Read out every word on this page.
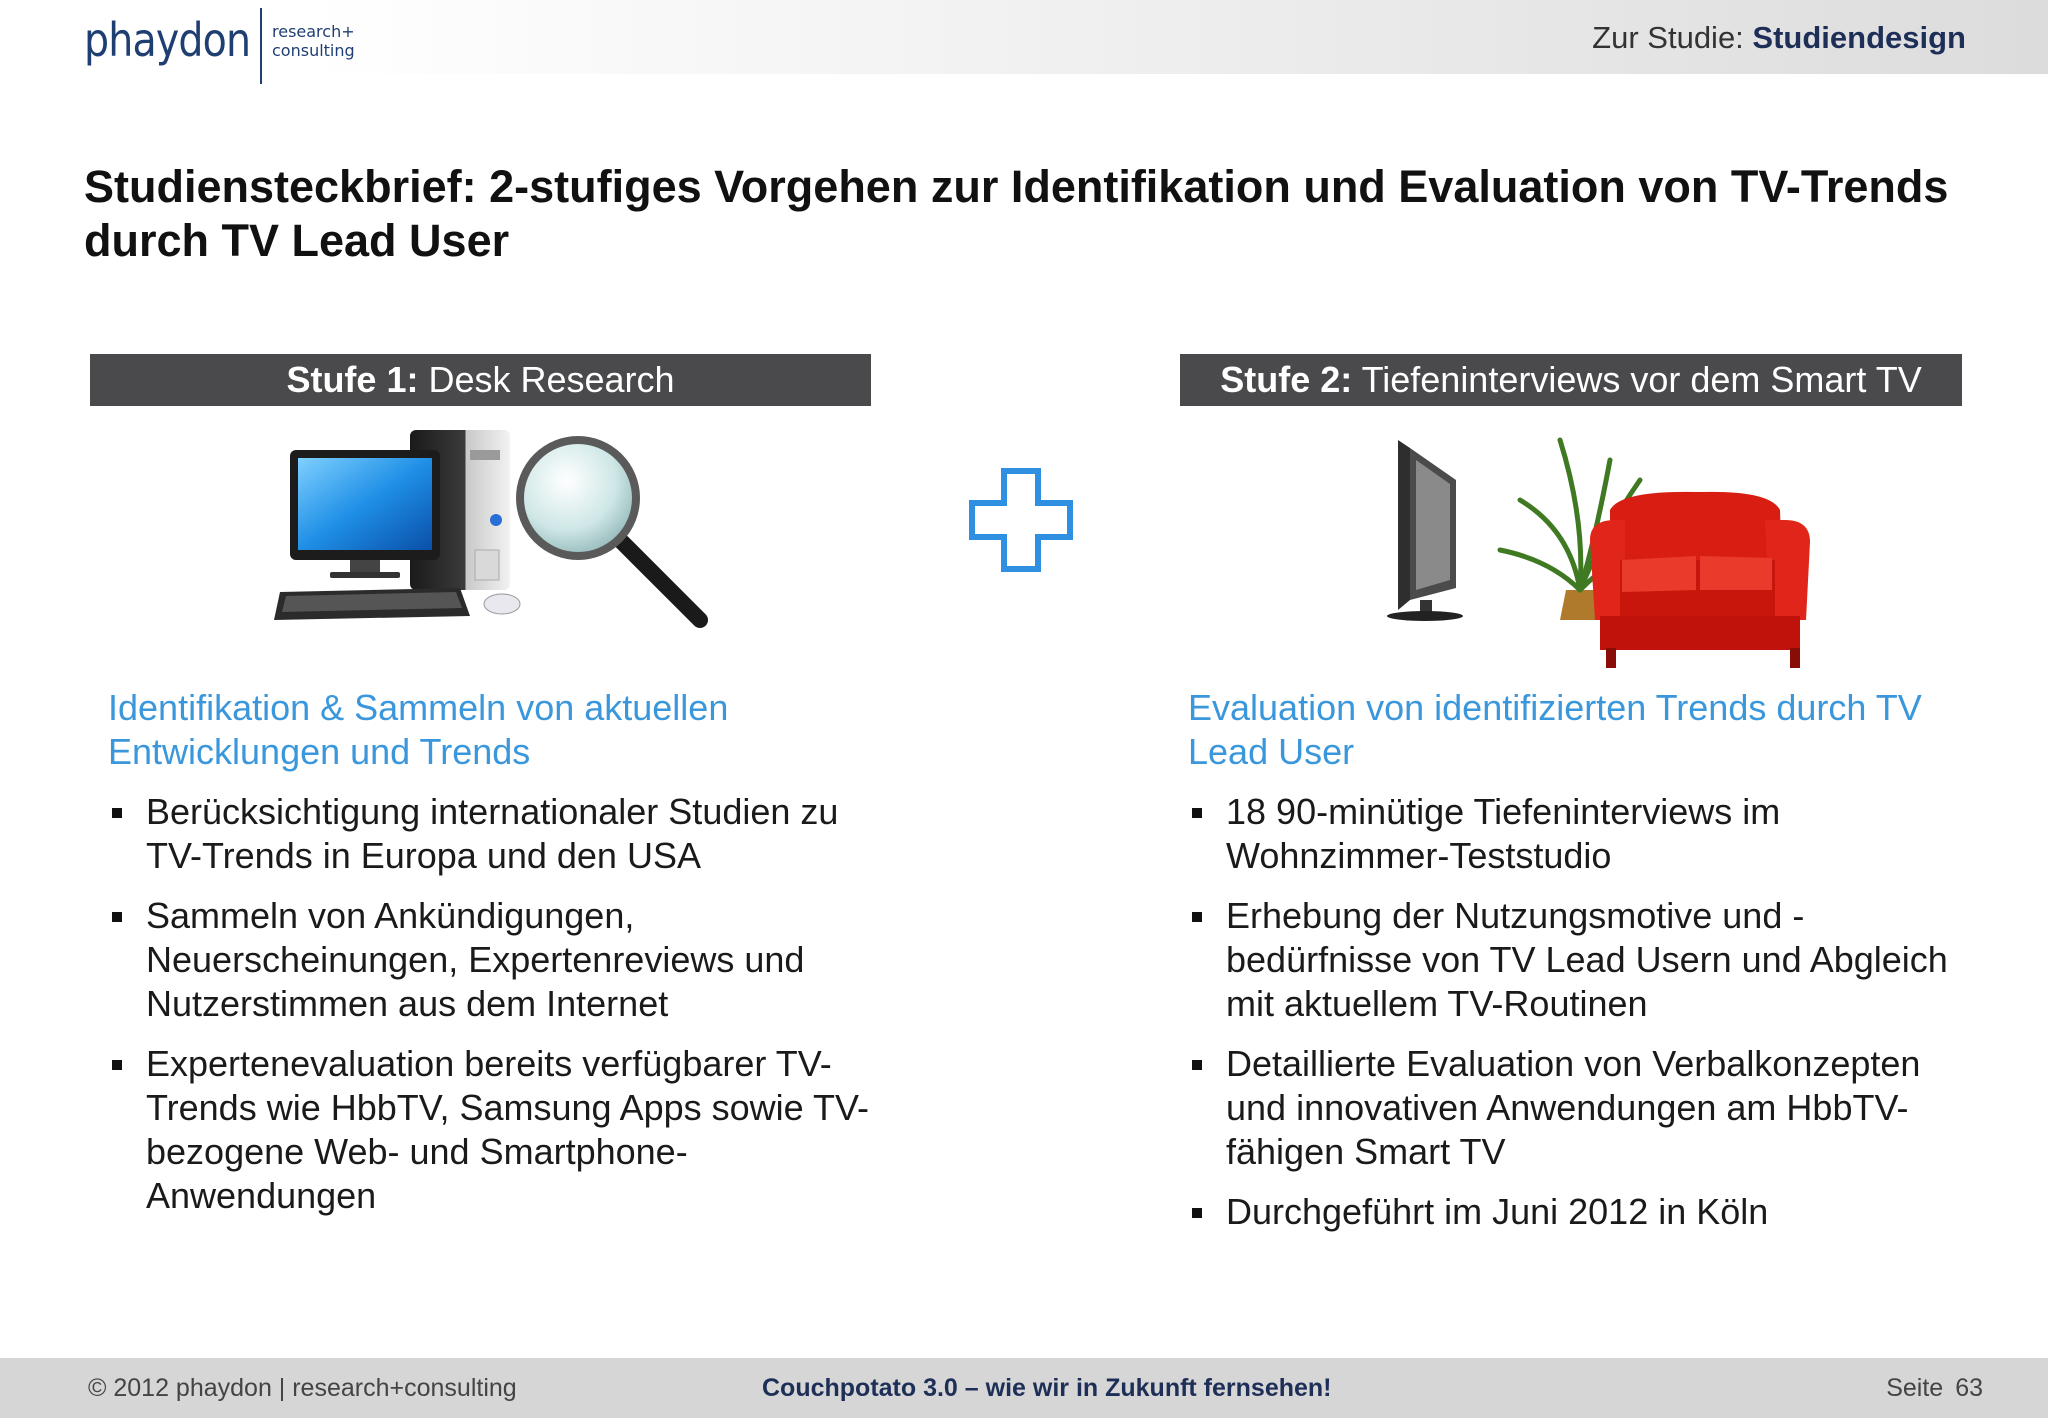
phaydon research+
consulting	Zur Studie: Studiendesign
Studiensteckbrief: 2-stufiges Vorgehen zur Identifikation und Evaluation von TV-Trends durch TV Lead User
Stufe 1: Desk Research	Stufe 2: Tiefeninterviews vor dem Smart TV
Identifikation & Sammeln von aktuellen Entwicklungen und Trends
Berücksichtigung internationaler Studien zu TV-Trends in Europa und den USA
Sammeln von Ankündigungen, Neuerscheinungen, Expertenreviews und Nutzerstimmen aus dem Internet
Expertenevaluation bereits verfügbarer TV-Trends wie HbbTV, Samsung Apps sowie TV-bezogene Web- und Smartphone-Anwendungen
Evaluation von identifizierten Trends durch TV Lead User
18 90-minütige Tiefeninterviews im Wohnzimmer-Teststudio
Erhebung der Nutzungsmotive und -bedürfnisse von TV Lead Usern und Abgleich mit aktuellem TV-Routinen
Detaillierte Evaluation von Verbalkonzepten und innovativen Anwendungen am HbbTV-fähigen Smart TV
Durchgeführt im Juni 2012 in Köln
© 2012 phaydon | research+consulting	Couchpotato 3.0 – wie wir in Zukunft fernsehen!	Seite 63
